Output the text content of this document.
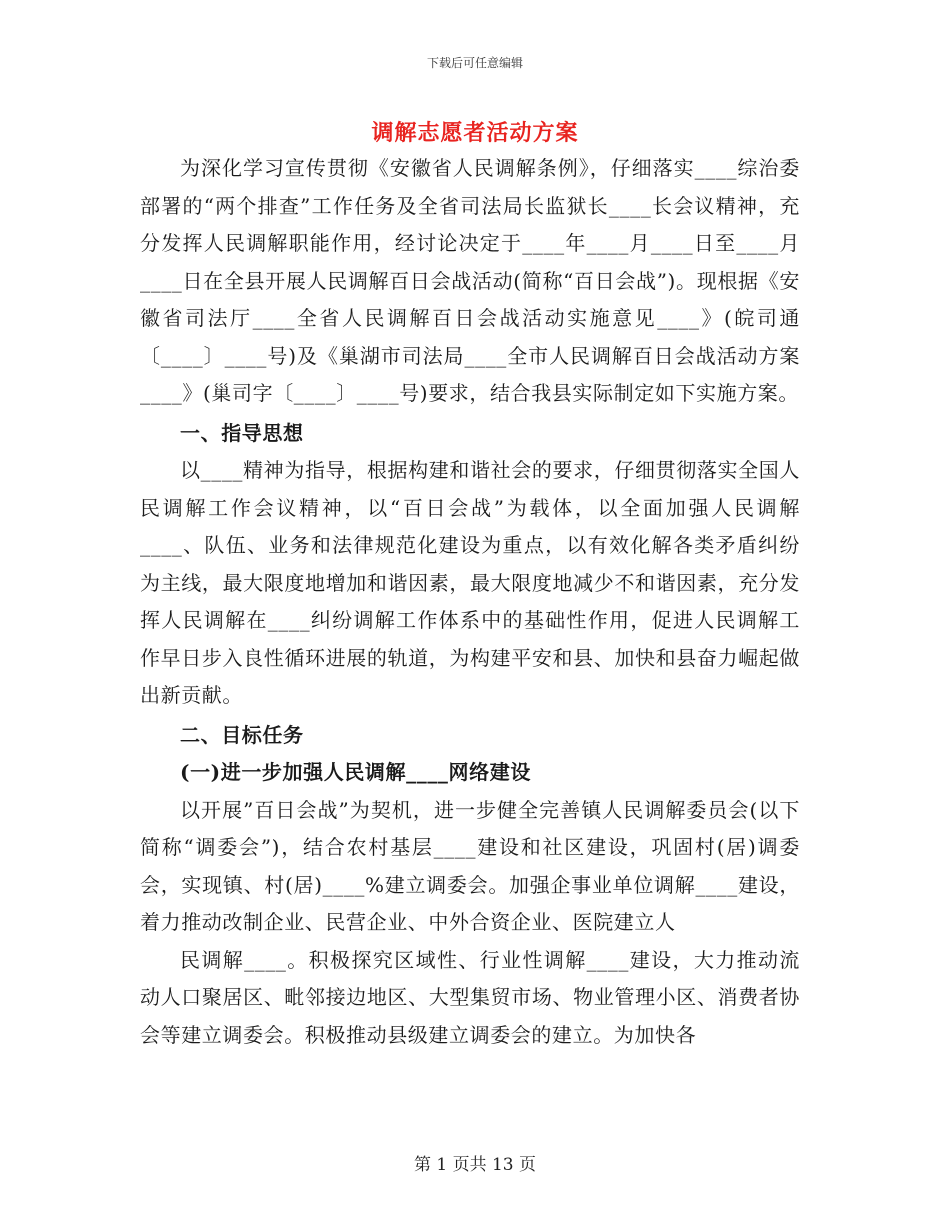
下载后可任意编辑
调解志愿者活动方案

为深化学习宣传贯彻《安徽省人民调解条例》，仔细落实____综治委部署的“两个排查”工作任务及全省司法局长监狱长____长会议精神，充分发挥人民调解职能作用，经讨论决定于____年____月____日至____月____日在全县开展人民调解百日会战活动(简称“百日会战”)。现根据《安徽省司法厅____全省人民调解百日会战活动实施意见____》(皖司通〔____〕____号)及《巢湖市司法局____全市人民调解百日会战活动方案____》(巢司字〔____〕____号)要求，结合我县实际制定如下实施方案。

一、指导思想

以____精神为指导，根据构建和谐社会的要求，仔细贯彻落实全国人民调解工作会议精神，以“百日会战”为载体，以全面加强人民调解____、队伍、业务和法律规范化建设为重点，以有效化解各类矛盾纠纷为主线，最大限度地增加和谐因素，最大限度地减少不和谐因素，充分发挥人民调解在____纠纷调解工作体系中的基础性作用，促进人民调解工作早日步入良性循环进展的轨道，为构建平安和县、加快和县奋力崛起做出新贡献。

二、目标任务

(一)进一步加强人民调解____网络建设

以开展”百日会战”为契机，进一步健全完善镇人民调解委员会(以下简称“调委会”)，结合农村基层____建设和社区建设，巩固村(居)调委会，实现镇、村(居)____%建立调委会。加强企事业单位调解____建设，着力推动改制企业、民营企业、中外合资企业、医院建立人

民调解____。积极探究区域性、行业性调解____建设，大力推动流动人口聚居区、毗邻接边地区、大型集贸市场、物业管理小区、消费者协会等建立调委会。积极推动县级建立调委会的建立。为加快各

第 1 页共 13 页
